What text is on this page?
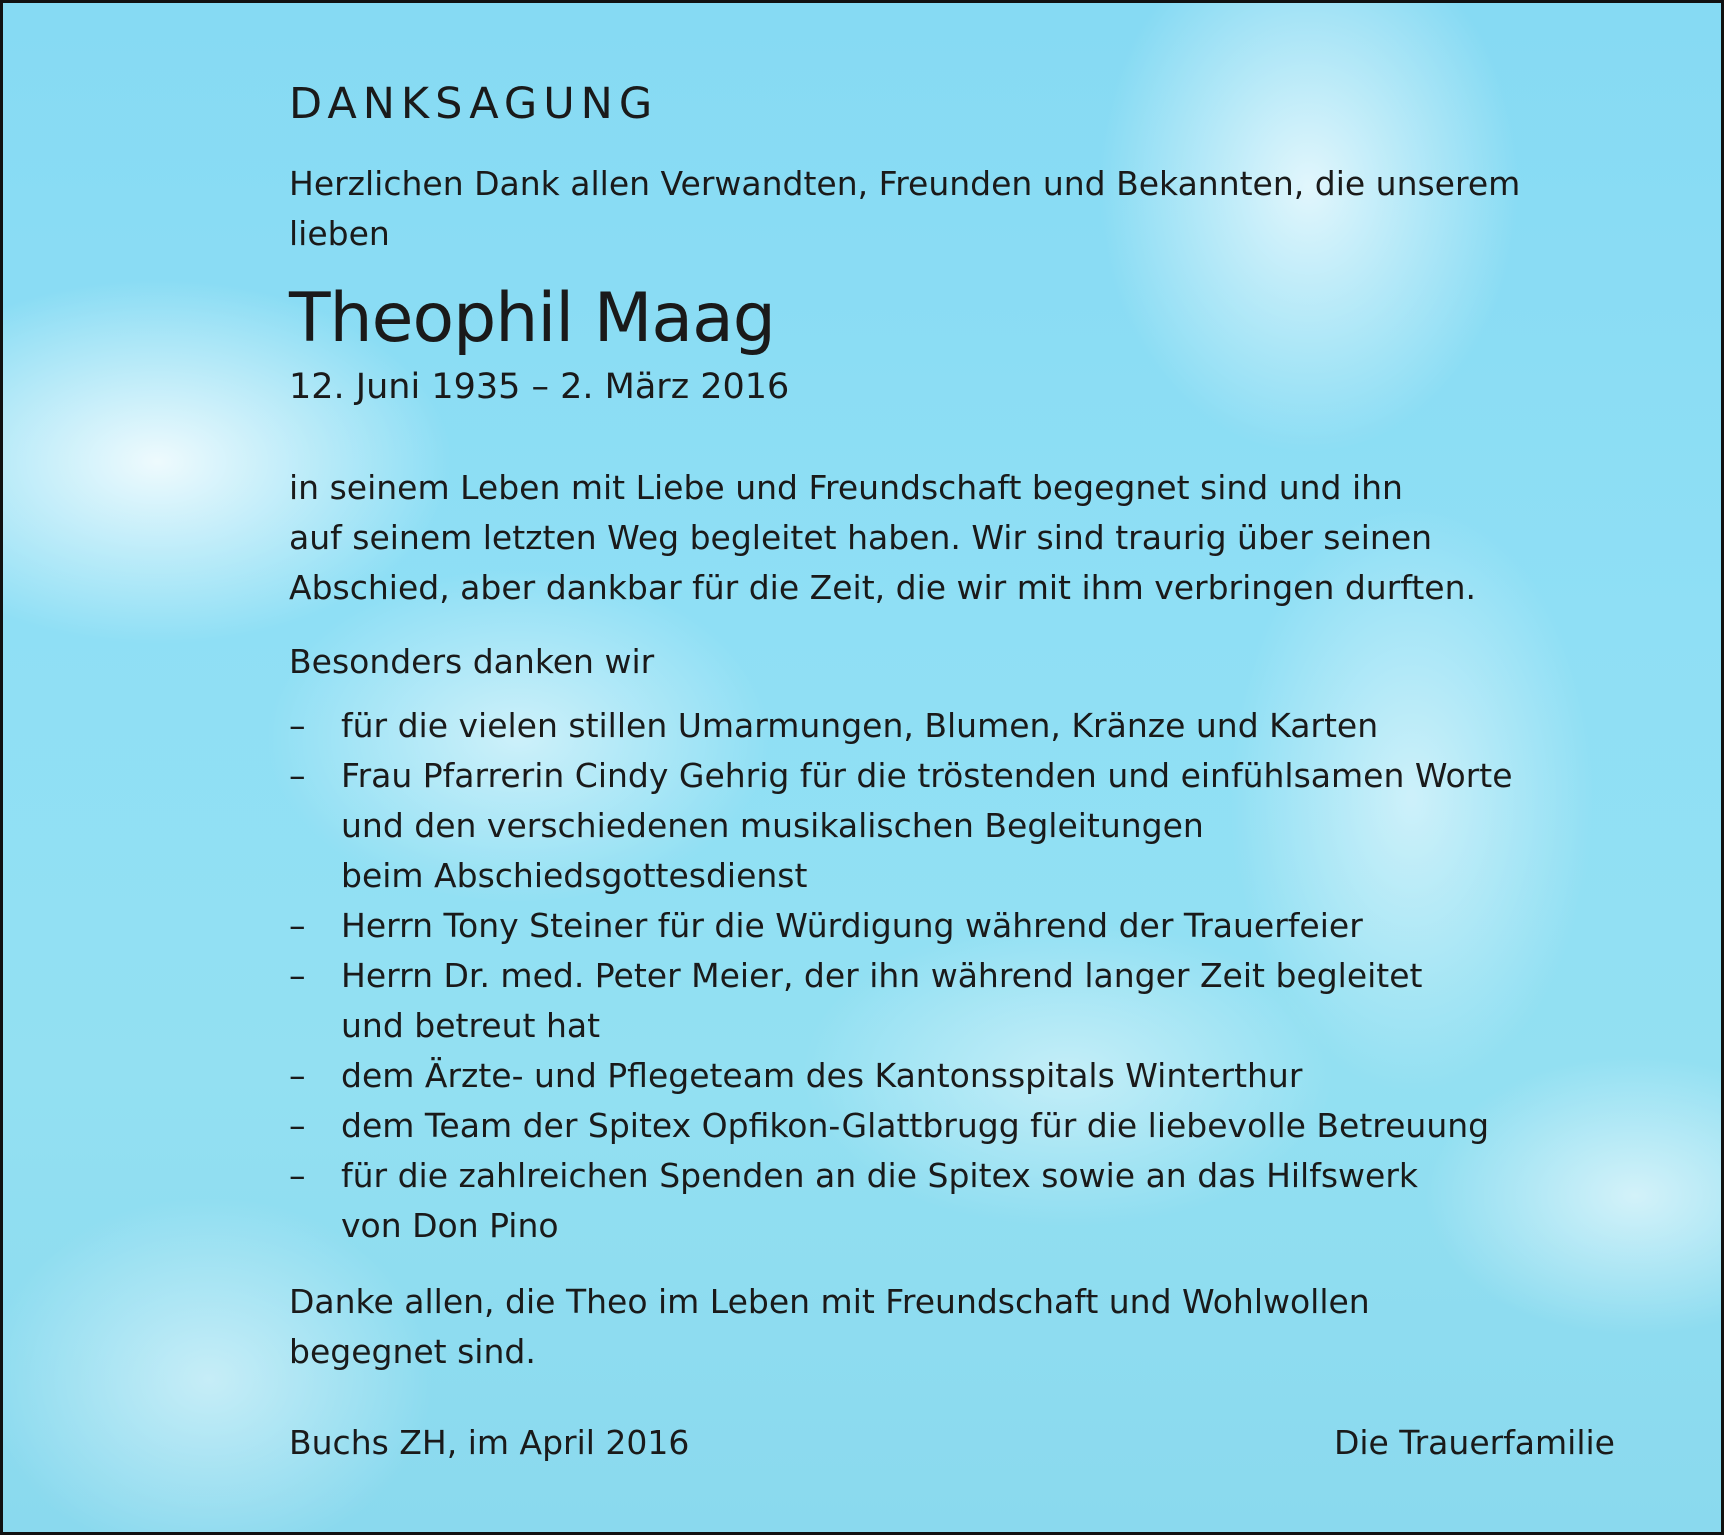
DANKSAGUNG

Herzlichen Dank allen Verwandten, Freunden und Bekannten, die unserem lieben

Theophil Maag

12. Juni 1935 – 2. März 2016

in seinem Leben mit Liebe und Freundschaft begegnet sind und ihn
auf seinem letzten Weg begleitet haben. Wir sind traurig über seinen
Abschied, aber dankbar für die Zeit, die wir mit ihm verbringen durften.

Besonders danken wir

– für die vielen stillen Umarmungen, Blumen, Kränze und Karten
– Frau Pfarrerin Cindy Gehrig für die tröstenden und einfühlsamen Worte
und den verschiedenen musikalischen Begleitungen
beim Abschiedsgottesdienst
– Herrn Tony Steiner für die Würdigung während der Trauerfeier
– Herrn Dr. med. Peter Meier, der ihn während langer Zeit begleitet
und betreut hat
– dem Ärzte- und Pflegeteam des Kantonsspitals Winterthur
– dem Team der Spitex Opfikon-Glattbrugg für die liebevolle Betreuung
– für die zahlreichen Spenden an die Spitex sowie an das Hilfswerk
von Don Pino

Danke allen, die Theo im Leben mit Freundschaft und Wohlwollen
begegnet sind.

Buchs ZH, im April 2016	Die Trauerfamilie
